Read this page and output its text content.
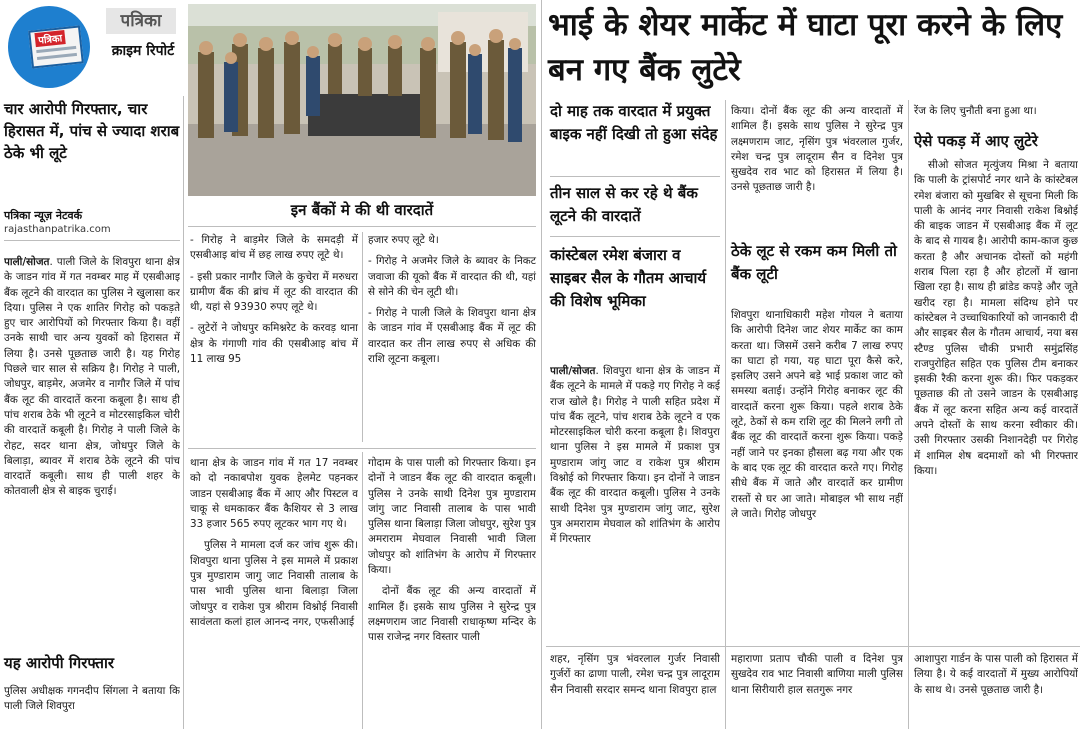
पत्रिका
पत्रिका
क्राइम रिपोर्ट
चार आरोपी गिरफ्तार, चार हिरासत में, पांच से ज्यादा शराब ठेके भी लूटे
पत्रिका न्यूज़ नेटवर्क
rajasthanpatrika.com
पाली/सोजत. पाली जिले के शिवपुरा थाना क्षेत्र के जाडन गांव में गत नवम्बर माह में एसबीआइ बैंक लूटने की वारदात का पुलिस ने खुलासा कर दिया। पुलिस ने एक शातिर गिरोह को पकड़ते हुए चार आरोपियों को गिरफ्तार किया है। वहीं उनके साथी चार अन्य युवकों को हिरासत में लिया है। उनसे पूछताछ जारी है। यह गिरोह पिछले चार साल से सक्रिय है। गिरोह ने पाली, जोधपुर, बाड़मेर, अजमेर व नागौर जिले में पांच बैंक लूट की वारदातें करना कबूला है। साथ ही पांच शराब ठेके भी लूटने व मोटरसाइकिल चोरी की वारदातें कबूली है। गिरोह ने पाली जिले के रोहट, सदर थाना क्षेत्र, जोधपुर जिले के बिलाड़ा, ब्यावर में शराब ठेके लूटने की पांच वारदातें कबूली। साथ ही पाली शहर के कोतवाली क्षेत्र से बाइक चुराई।
यह आरोपी गिरफ्तार
पुलिस अधीक्षक गगनदीप सिंगला ने बताया कि पाली जिले शिवपुरा
इन बैंकों मे की थी वारदातें

- गिरोह ने बाड़मेर जिले के समदड़ी में एसबीआइ बांच में छह लाख रुपए लूटे थे।

- इसी प्रकार नागौर जिले के कुचेरा में मरुधरा ग्रामीण बैंक की ब्रांच में लूट की वारदात की थी, यहां से 93930 रुपए लूटे थे।

- लुटेरों ने जोधपुर कमिश्नरेट के करवड़ थाना क्षेत्र के गंगाणी गांव की एसबीआइ बांच में 11 लाख 95

हजार रुपए लूटे थे।

- गिरोह ने अजमेर जिले के ब्यावर के निकट जवाजा की यूको बैंक में वारदात की थी, यहां से सोने की चेन लूटी थी।

- गिरोह ने पाली जिले के शिवपुरा थाना क्षेत्र के जाडन गांव में एसबीआइ बैंक में लूट की वारदात कर तीन लाख रुपए से अधिक की राशि लूटना कबूला।

थाना क्षेत्र के जाडन गांव में गत 17 नवम्बर को दो नकाबपोश युवक हेलमेट पहनकर जाडन एसबीआइ बैंक में आए और पिस्टल व चाकू से धमकाकर बैंक कैशियर से 3 लाख 33 हजार 565 रुपए लूटकर भाग गए थे।

पुलिस ने मामला दर्ज कर जांच शुरू की। शिवपुरा थाना पुलिस ने इस मामले में प्रकाश पुत्र मुण्डाराम जागु जाट निवासी तालाब के पास भावी पुलिस थाना बिलाड़ा जिला जोधपुर व राकेश पुत्र श्रीराम विश्नोई निवासी सावंलता कलां हाल आनन्द नगर, एफसीआई

गोदाम के पास पाली को गिरफ्तार किया। इन दोनों ने जाडन बैंक लूट की वारदात कबूली। पुलिस ने उनके साथी दिनेश पुत्र मुण्डाराम जांगु जाट निवासी तालाब के पास भावी पुलिस थाना बिलाड़ा जिला जोधपुर, सुरेश पुत्र अमराराम मेघवाल निवासी भावी जिला जोधपुर को शांतिभंग के आरोप में गिरफ्तार किया।

दोनों बैंक लूट की अन्य वारदातों में शामिल हैं। इसके साथ पुलिस ने सुरेन्द्र पुत्र लक्ष्मणराम जाट निवासी राधाकृष्ण मन्दिर के पास राजेन्द्र नगर विस्तार पाली

भाई के शेयर मार्केट में घाटा पूरा करने के लिए बन गए बैंक लुटेरे
दो माह तक वारदात में प्रयुक्त बाइक नहीं दिखी तो हुआ संदेह
तीन साल से कर रहे थे बैंक लूटने की वारदातें
कांस्टेबल रमेश बंजारा व साइबर सैल के गौतम आचार्य की विशेष भूमिका
पाली/सोजत. शिवपुरा थाना क्षेत्र के जाडन में बैंक लूटने के मामले में पकड़े गए गिरोह ने कई राज खोले है। गिरोह ने पाली सहित प्रदेश में पांच बैंक लूटने, पांच शराब ठेके लूटने व एक मोटरसाइकिल चोरी करना कबूला है। शिवपुरा थाना पुलिस ने इस मामले में प्रकाश पुत्र मुण्डाराम जांगु जाट व राकेश पुत्र श्रीराम विश्नोई को गिरफ्तार किया। इन दोनों ने जाडन बैंक लूट की वारदात कबूली। पुलिस ने उनके साथी दिनेश पुत्र मुण्डाराम जांगु जाट, सुरेश पुत्र अमराराम मेघवाल को शांतिभंग के आरोप में गिरफ्तार
शहर, नृसिंग पुत्र भंवरलाल गुर्जर निवासी गुर्जरों का ढाणा पाली, रमेश चन्द्र पुत्र लादूराम सैन निवासी सरदार समन्द थाना शिवपुरा हाल
किया। दोनों बैंक लूट की अन्य वारदातों में शामिल हैं। इसके साथ पुलिस ने सुरेन्द्र पुत्र लक्ष्मणराम जाट, नृसिंग पुत्र भंवरलाल गुर्जर, रमेश चन्द्र पुत्र लादूराम सैन व दिनेश पुत्र सुखदेव राव भाट को हिरासत में लिया है। उनसे पूछताछ जारी है।
ठेके लूट से रकम कम मिली तो बैंक लूटी
शिवपुरा थानाधिकारी महेश गोयल ने बताया कि आरोपी दिनेश जाट शेयर मार्केट का काम करता था। जिसमें उसने करीब 7 लाख रुपए का घाटा हो गया, यह घाटा पूरा कैसे करे, इसलिए उसने अपने बड़े भाई प्रकाश जाट को समस्या बताई। उन्होंने गिरोह बनाकर लूट की वारदातें करना शुरू किया। पहले शराब ठेके लूटे, ठेकों से कम राशि लूट की मिलने लगी तो बैंक लूट की वारदातें करना शुरू किया। पकड़े नहीं जाने पर इनका हौसला बढ़ गया और एक के बाद एक लूट की वारदात करते गए। गिरोह सीधे बैंक में जाते और वारदातें कर ग्रामीण रास्तों से घर आ जाते। मोबाइल भी साथ नहीं ले जाते। गिरोह जोधपुर
महाराणा प्रताप चौकी पाली व दिनेश पुत्र सुखदेव राव भाट निवासी बाणिया माली पुलिस थाना सिरीयारी हाल सतगुरू नगर
रेंज के लिए चुनौती बना हुआ था।
ऐसे पकड़ में आए लुटेरे
सीओ सोजत मृत्युंजय मिश्रा ने बताया कि पाली के ट्रांसपोर्ट नगर थाने के कांस्टेबल रमेश बंजारा को मुखबिर से सूचना मिली कि पाली के आनंद नगर निवासी राकेश बिश्नोई की बाइक जाडन में एसबीआइ बैंक में लूट के बाद से गायब है। आरोपी काम-काज कुछ करता है और अचानक दोस्तों को महंगी शराब पिला रहा है और होटलों में खाना खिला रहा है। साथ ही ब्रांडेड कपड़े और जूते खरीद रहा है। मामला संदिग्ध होने पर कांस्टेबल ने उच्चाधिकारियों को जानकारी दी और साइबर सैल के गौतम आचार्य, नया बस स्टैण्ड पुलिस चौकी प्रभारी समुंद्रसिंह राजपुरोहित सहित एक पुलिस टीम बनाकर इसकी रैकी करना शुरू की। फिर पकड़कर पूछताछ की तो उसने जाडन के एसबीआइ बैंक में लूट करना सहित अन्य कई वारदातें अपने दोस्तों के साथ करना स्वीकार की। उसी गिरफ्तार उसकी निशानदेही पर गिरोह में शामिल शेष बदमाशों को भी गिरफ्तार किया।
आशापुरा गार्डन के पास पाली को हिरासत में लिया है। ये कई वारदातों में मुख्य आरोपियों के साथ थे। उनसे पूछताछ जारी है।
